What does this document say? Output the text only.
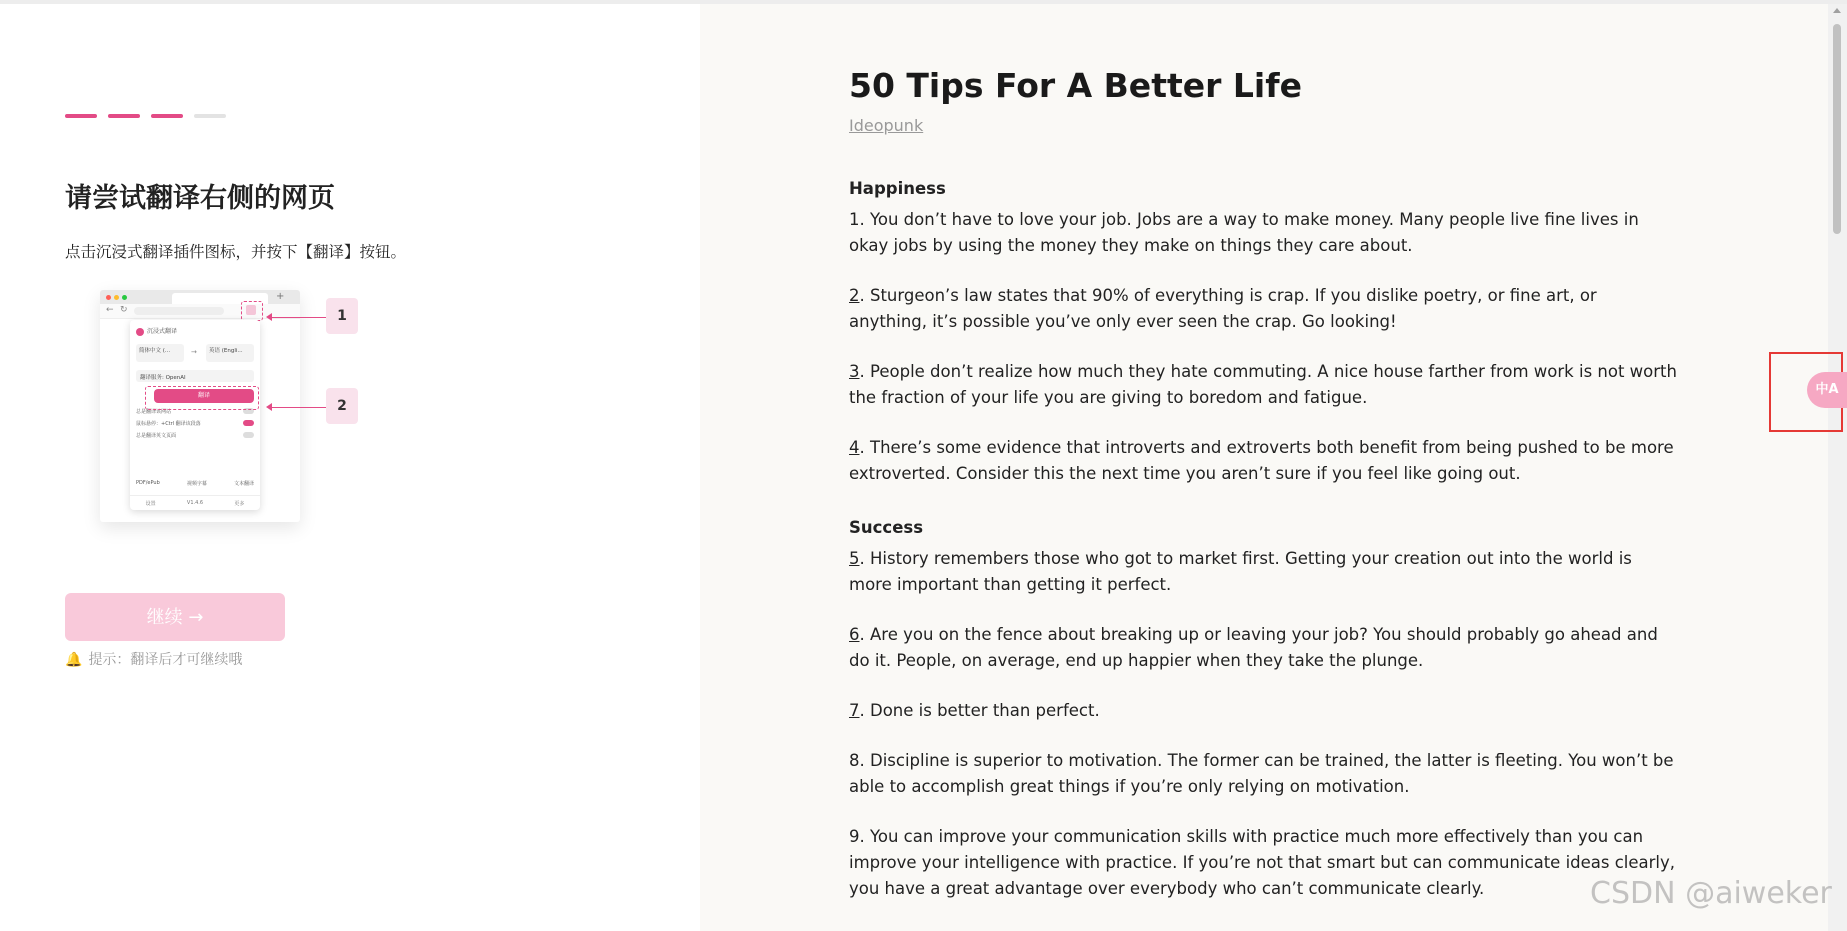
请尝试翻译右侧的网页
点击沉浸式翻译插件图标，并按下【翻译】按钮。
+
← ↻
沉浸式翻译
简体中文 (...	→	英语 (Engli...
翻译服务: OpenAI
翻译
总是翻译该网站
鼠标悬停：+Ctrl 翻译该段落
总是翻译英文页面
PDF/ePub	视频字幕	文本翻译
设置	V1.4.6	更多
1
2
继续 →
🔔 提示：翻译后才可继续哦
50 Tips For A Better Life
Ideopunk
Happiness

1. You don’t have to love your job. Jobs are a way to make money. Many people live fine lives in okay jobs by using the money they make on things they care about.

2. Sturgeon’s law states that 90% of everything is crap. If you dislike poetry, or fine art, or anything, it’s possible you’ve only ever seen the crap. Go looking!

3. People don’t realize how much they hate commuting. A nice house farther from work is not worth the fraction of your life you are giving to boredom and fatigue.

4. There’s some evidence that introverts and extroverts both benefit from being pushed to be more extroverted. Consider this the next time you aren’t sure if you feel like going out.

Success

5. History remembers those who got to market first. Getting your creation out into the world is more important than getting it perfect.

6. Are you on the fence about breaking up or leaving your job? You should probably go ahead and do it. People, on average, end up happier when they take the plunge.

7. Done is better than perfect.

8. Discipline is superior to motivation. The former can be trained, the latter is fleeting. You won’t be able to accomplish great things if you’re only relying on motivation.

9. You can improve your communication skills with practice much more effectively than you can improve your intelligence with practice. If you’re not that smart but can communicate ideas clearly, you have a great advantage over everybody who can’t communicate clearly.

中A
CSDN @aiweker
